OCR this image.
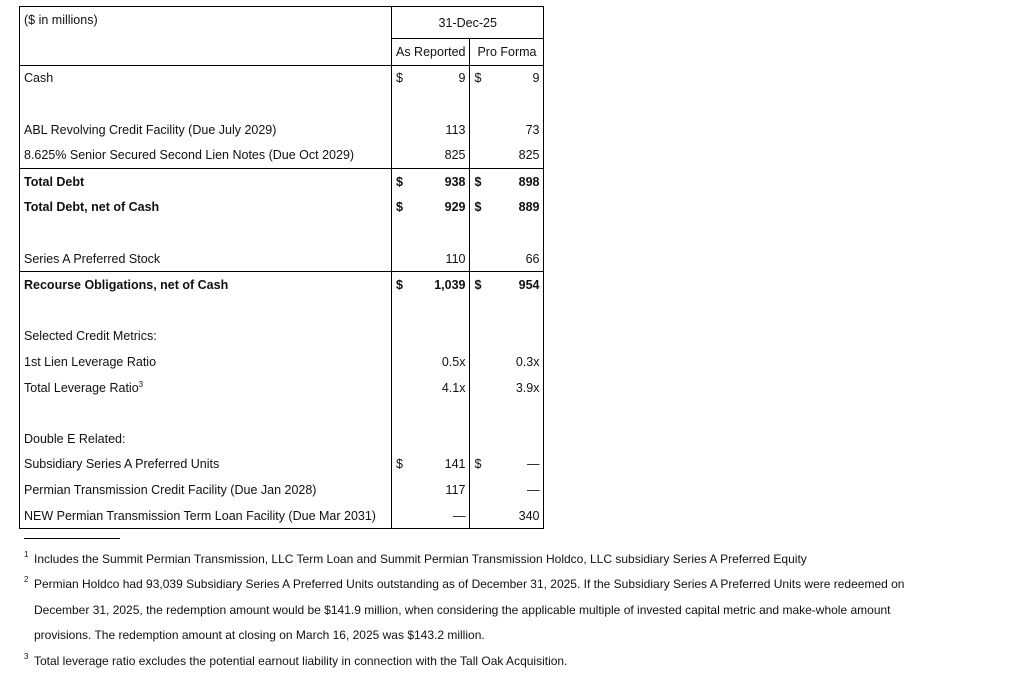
($ in millions)	31-Dec-25			
	As Reported		Pro Forma	
Cash	$	9	$	9

ABL Revolving Credit Facility (Due July 2029)		113		73
8.625% Senior Secured Second Lien Notes (Due Oct 2029)		825		825
Total Debt	$	938	$	898
Total Debt, net of Cash	$	929	$	889

Series A Preferred Stock		110		66
Recourse Obligations, net of Cash	$	1,039	$	954

Selected Credit Metrics:				
1st Lien Leverage Ratio		0.5x		0.3x
Total Leverage Ratio$^3$		4.1x		3.9x

Double E Related:				
Subsidiary Series A Preferred Units	$	141	$	—
Permian Transmission Credit Facility (Due Jan 2028)		117		—
NEW Permian Transmission Term Loan Facility (Due Mar 2031)		—		340
1 Includes the Summit Permian Transmission, LLC Term Loan and Summit Permian Transmission Holdco, LLC subsidiary Series A Preferred Equity
2 Permian Holdco had 93,039 Subsidiary Series A Preferred Units outstanding as of December 31, 2025. If the Subsidiary Series A Preferred Units were redeemed on
December 31, 2025, the redemption amount would be $141.9 million, when considering the applicable multiple of invested capital metric and make-whole amount
provisions. The redemption amount at closing on March 16, 2025 was $143.2 million.
3 Total leverage ratio excludes the potential earnout liability in connection with the Tall Oak Acquisition.
